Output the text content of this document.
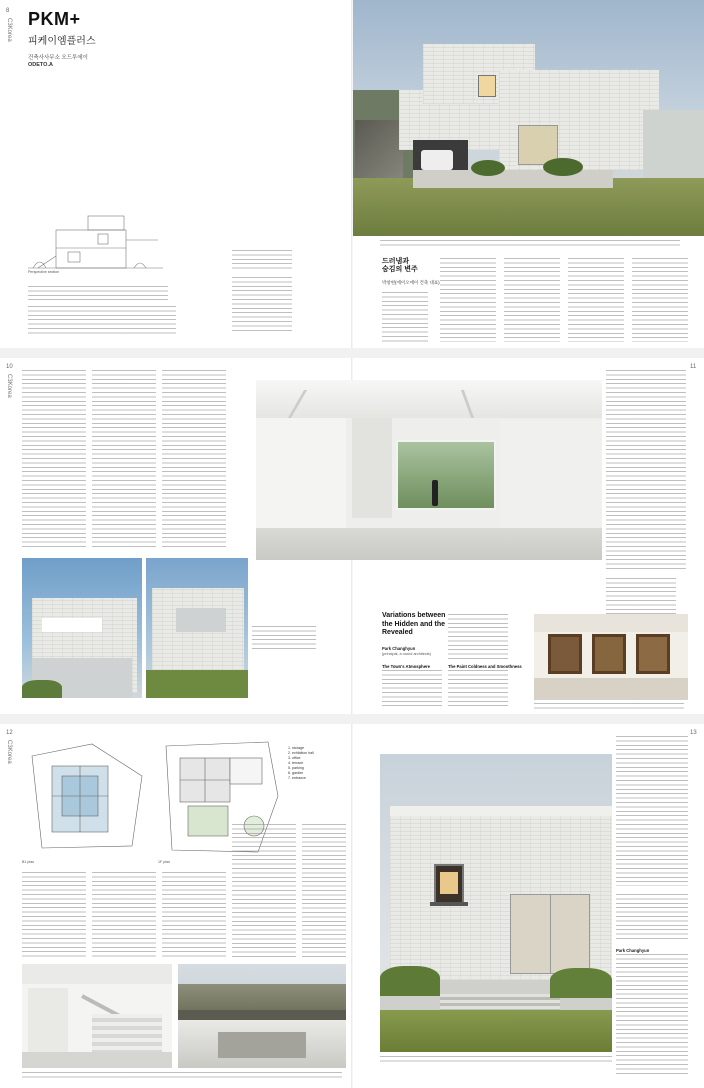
8
C3Korea PKM+
피케이엠플러스
건축사사무소 오드투에이
ODETO.A
Perspective section
드러냄과
숨김의 변주
박창현(에이오에이 건축 대표)
10
C3Korea
11
Variations between the Hidden and the Revealed
Park Changhyun
(principal, a round architects)
The Town's Atmosphere	The Paint Coldness and Smoothness
12
C3Korea
13
B1 plan	1F plan
1. storage
2. exhibition hall
3. office
4. terrace
5. parking
6. garden
7. entrance
Park Changhyun
